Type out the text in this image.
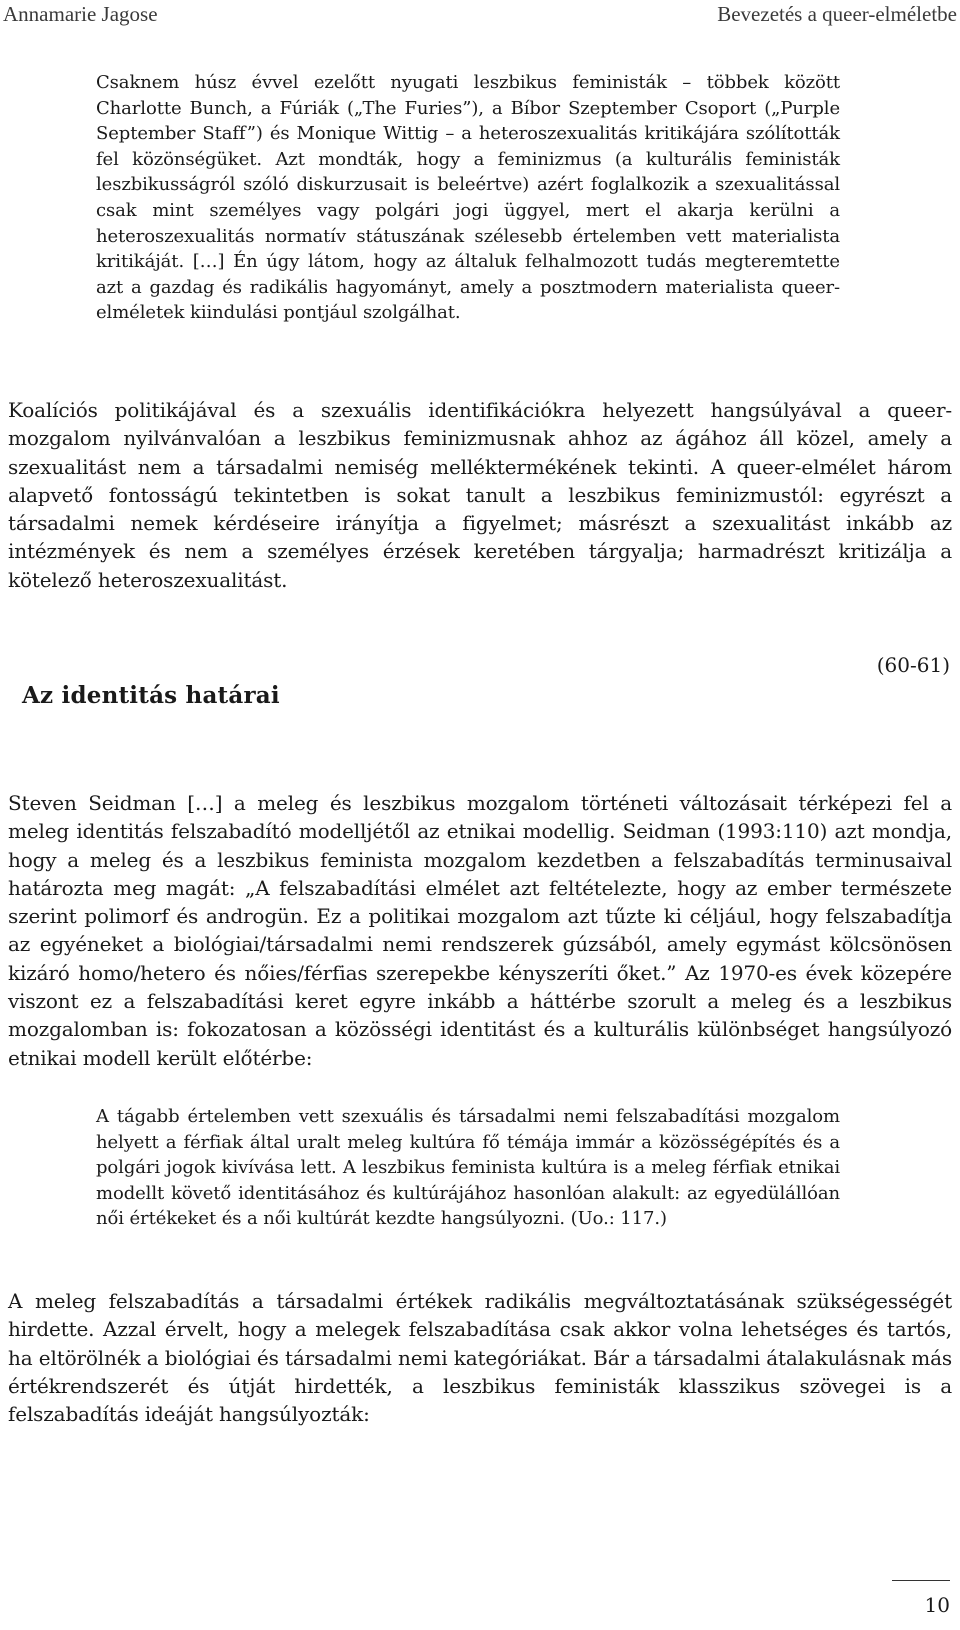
Annamarie Jagose	Bevezetés a queer-elméletbe
Csaknem húsz évvel ezelőtt nyugati leszbikus feministák – többek között Charlotte Bunch, a Fúriák („The Furies”), a Bíbor Szeptember Csoport („Purple September Staff”) és Monique Wittig – a heteroszexualitás kritikájára szólították fel közönségüket. Azt mondták, hogy a feminizmus (a kulturális feministák leszbikusságról szóló diskurzusait is beleértve) azért foglalkozik a szexualitással csak mint személyes vagy polgári jogi üggyel, mert el akarja kerülni a heteroszexualitás normatív státuszának szélesebb értelemben vett materialista kritikáját. […] Én úgy látom, hogy az általuk felhalmozott tudás megteremtette azt a gazdag és radikális hagyományt, amely a posztmodern materialista queer-elméletek kiindulási pontjául szolgálhat.

Koalíciós politikájával és a szexuális identifikációkra helyezett hangsúlyával a queer-mozgalom nyilvánvalóan a leszbikus feminizmusnak ahhoz az ágához áll közel, amely a szexualitást nem a társadalmi nemiség melléktermékének tekinti. A queer-elmélet három alapvető fontosságú tekintetben is sokat tanult a leszbikus feminizmustól: egyrészt a társadalmi nemek kérdéseire irányítja a figyelmet; másrészt a szexualitást inkább az intézmények és nem a személyes érzések keretében tárgyalja; harmadrészt kritizálja a kötelező heteroszexualitást.

(60-61)
Az identitás határai

Steven Seidman […] a meleg és leszbikus mozgalom történeti változásait térképezi fel a meleg identitás felszabadító modelljétől az etnikai modellig. Seidman (1993:110) azt mondja, hogy a meleg és a leszbikus feminista mozgalom kezdetben a felszabadítás terminusaival határozta meg magát: „A felszabadítási elmélet azt feltételezte, hogy az ember természete szerint polimorf és androgün. Ez a politikai mozgalom azt tűzte ki céljául, hogy felszabadítja az egyéneket a biológiai/társadalmi nemi rendszerek gúzsából, amely egymást kölcsönösen kizáró homo/hetero és nőies/férfias szerepekbe kényszeríti őket.” Az 1970-es évek közepére viszont ez a felszabadítási keret egyre inkább a háttérbe szorult a meleg és a leszbikus mozgalomban is: fokozatosan a közösségi identitást és a kulturális különbséget hangsúlyozó etnikai modell került előtérbe:

A tágabb értelemben vett szexuális és társadalmi nemi felszabadítási mozgalom helyett a férfiak által uralt meleg kultúra fő témája immár a közösségépítés és a polgári jogok kivívása lett. A leszbikus feminista kultúra is a meleg férfiak etnikai modellt követő identitásához és kultúrájához hasonlóan alakult: az egyedülállóan női értékeket és a női kultúrát kezdte hangsúlyozni. (Uo.: 117.)

A meleg felszabadítás a társadalmi értékek radikális megváltoztatásának szükségességét hirdette. Azzal érvelt, hogy a melegek felszabadítása csak akkor volna lehetséges és tartós, ha eltörölnék a biológiai és társadalmi nemi kategóriákat. Bár a társadalmi átalakulásnak más értékrendszerét és útját hirdették, a leszbikus feministák klasszikus szövegei is a felszabadítás ideáját hangsúlyozták:

10
